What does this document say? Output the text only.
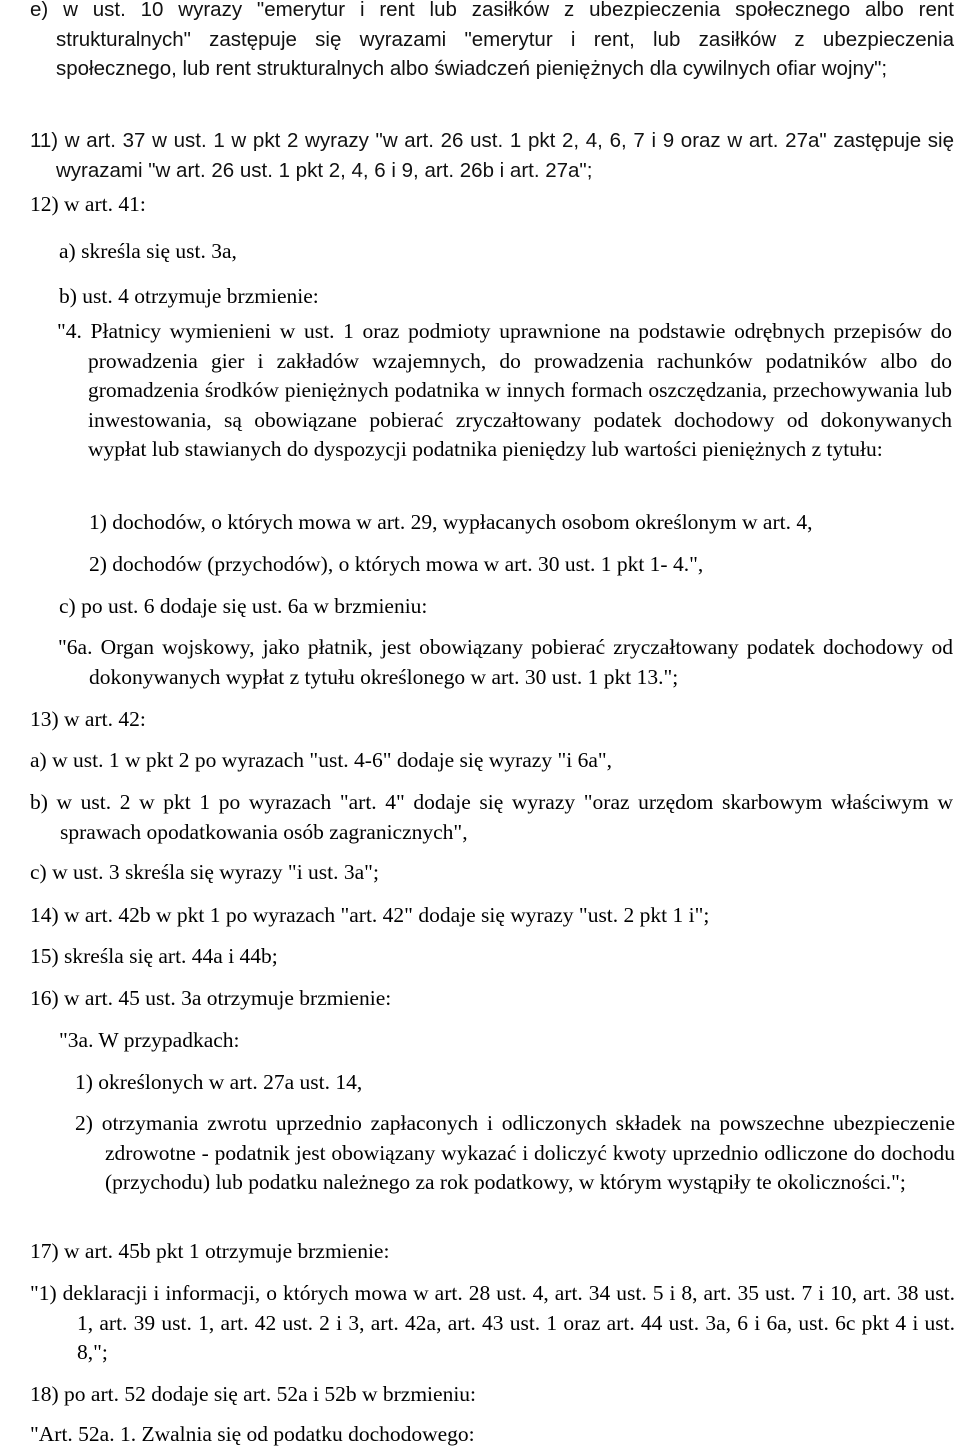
e) w ust. 10 wyrazy "emerytur i rent lub zasiłków z ubezpieczenia społecznego albo rent strukturalnych" zastępuje się wyrazami "emerytur i rent, lub zasiłków z ubezpieczenia społecznego, lub rent strukturalnych albo świadczeń pieniężnych dla cywilnych ofiar wojny";

11) w art. 37 w ust. 1 w pkt 2 wyrazy "w art. 26 ust. 1 pkt 2, 4, 6, 7 i 9 oraz w art. 27a" zastępuje się wyrazami "w art. 26 ust. 1 pkt 2, 4, 6 i 9, art. 26b i art. 27a";

12) w art. 41:

a) skreśla się ust. 3a,

b) ust. 4 otrzymuje brzmienie:

"4. Płatnicy wymienieni w ust. 1 oraz podmioty uprawnione na podstawie odrębnych przepisów do prowadzenia gier i zakładów wzajemnych, do prowadzenia rachunków podatników albo do gromadzenia środków pieniężnych podatnika w innych formach oszczędzania, przechowywania lub inwestowania, są obowiązane pobierać zryczałtowany podatek dochodowy od dokonywanych wypłat lub stawianych do dyspozycji podatnika pieniędzy lub wartości pieniężnych z tytułu:

1) dochodów, o których mowa w art. 29, wypłacanych osobom określonym w art. 4,

2) dochodów (przychodów), o których mowa w art. 30 ust. 1 pkt 1- 4.",

c) po ust. 6 dodaje się ust. 6a w brzmieniu:

"6a. Organ wojskowy, jako płatnik, jest obowiązany pobierać zryczałtowany podatek dochodowy od dokonywanych wypłat z tytułu określonego w art. 30 ust. 1 pkt 13.";

13) w art. 42:

a) w ust. 1 w pkt 2 po wyrazach "ust. 4-6" dodaje się wyrazy "i 6a",

b) w ust. 2 w pkt 1 po wyrazach "art. 4" dodaje się wyrazy "oraz urzędom skarbowym właściwym w sprawach opodatkowania osób zagranicznych",

c) w ust. 3 skreśla się wyrazy "i ust. 3a";

14) w art. 42b w pkt 1 po wyrazach "art. 42" dodaje się wyrazy "ust. 2 pkt 1 i";

15) skreśla się art. 44a i 44b;

16) w art. 45 ust. 3a otrzymuje brzmienie:

"3a. W przypadkach:

1) określonych w art. 27a ust. 14,

2) otrzymania zwrotu uprzednio zapłaconych i odliczonych składek na powszechne ubezpieczenie zdrowotne - podatnik jest obowiązany wykazać i doliczyć kwoty uprzednio odliczone do dochodu (przychodu) lub podatku należnego za rok podatkowy, w którym wystąpiły te okoliczności.";

17) w art. 45b pkt 1 otrzymuje brzmienie:

"1) deklaracji i informacji, o których mowa w art. 28 ust. 4, art. 34 ust. 5 i 8, art. 35 ust. 7 i 10, art. 38 ust. 1, art. 39 ust. 1, art. 42 ust. 2 i 3, art. 42a, art. 43 ust. 1 oraz art. 44 ust. 3a, 6 i 6a, ust. 6c pkt 4 i ust. 8,";

18) po art. 52 dodaje się art. 52a i 52b w brzmieniu:

"Art. 52a. 1. Zwalnia się od podatku dochodowego:
